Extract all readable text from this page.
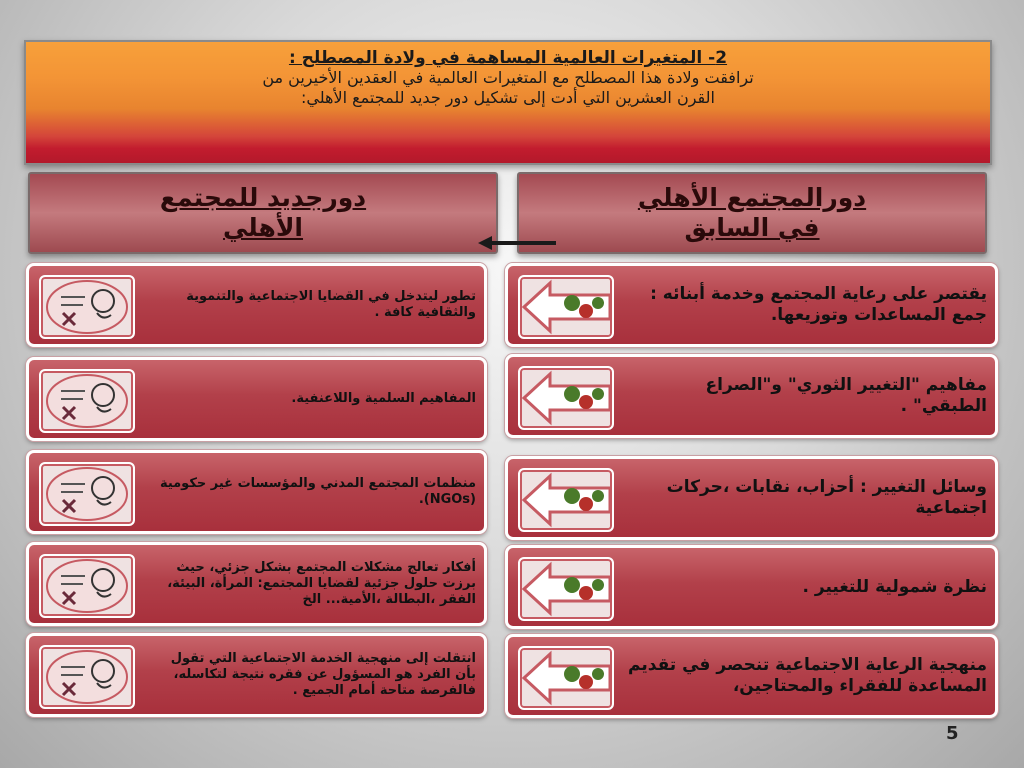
2- المتغيرات العالمية المساهمة في ولادة المصطلح :
ترافقت ولادة هذا المصطلح مع المتغيرات العالمية في العقدين الأخيرين من
القرن العشرين التي أدت إلى تشكيل دور جديد للمجتمع الأهلي:
دورالمجتمع الأهلي
في السابق
دورجديد للمجتمع
الأهلي
يقتصر على رعاية المجتمع وخدمة أبنائه : جمع المساعدات وتوزيعها.
مفاهيم "التغيير الثوري" و"الصراع الطبقي" .
وسائل التغيير : أحزاب، نقابات ،حركات اجتماعية
نظرة شمولية للتغيير .
منهجية الرعاية الاجتماعية تنحصر في تقديم المساعدة للفقراء والمحتاجين،
تطور ليتدخل في القضايا الاجتماعية والتنموية والثقافية كافة .
المفاهيم السلمية واللاعنفية.
منظمات المجتمع المدني والمؤسسات غير حكومية (NGOs).
أفكار تعالج مشكلات المجتمع بشكل جزئي، حيث برزت حلول جزئية لقضايا المجتمع: المرأة، البيئة، الفقر ،البطالة ،الأمية... الخ
انتقلت إلى منهجية الخدمة الاجتماعية التي تقول بأن الفرد هو المسؤول عن فقره نتيجة لتكاسله، فالفرصة متاحة أمام الجميع .
5
